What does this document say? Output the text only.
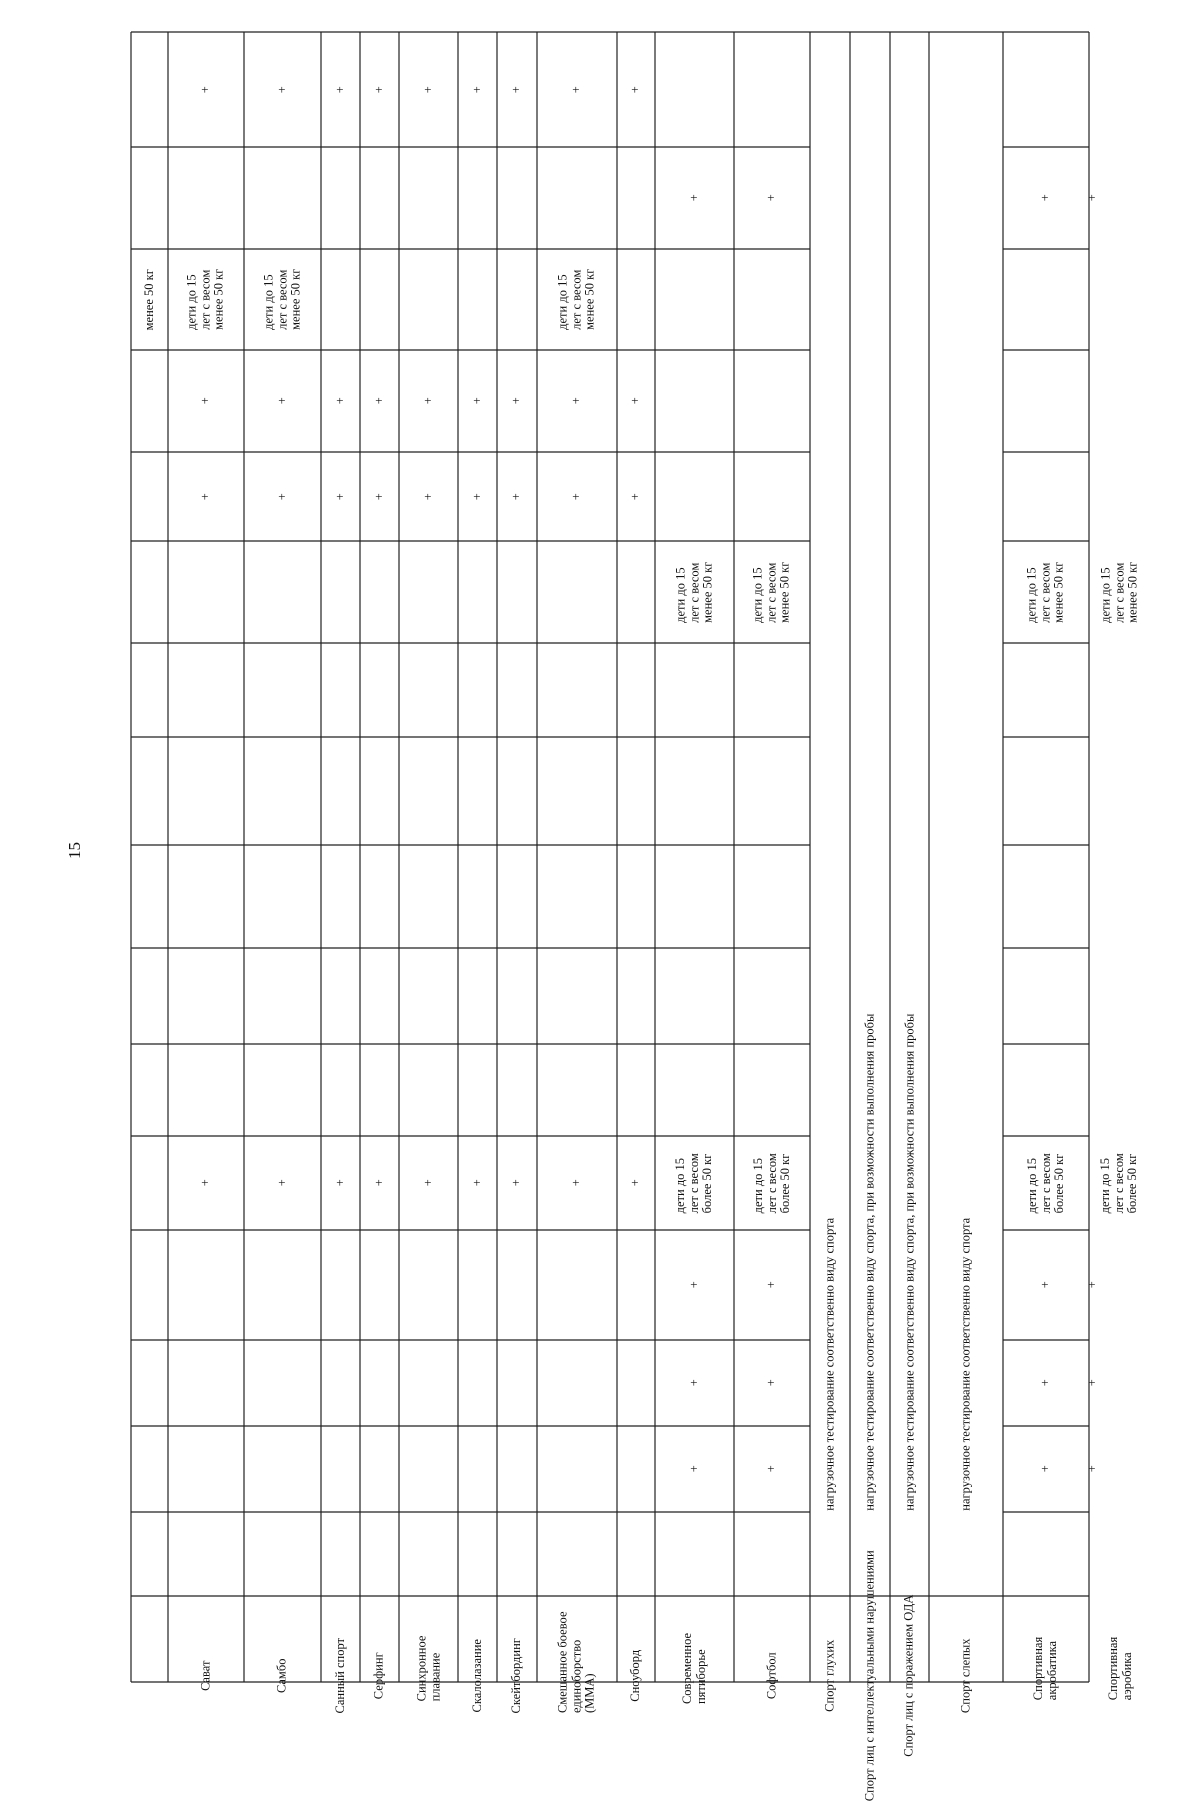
15
менее 50 кг
Сават
+
дети до 15
лет с весом
менее 50 кг
+
+
+
Самбо
+
дети до 15
лет с весом
менее 50 кг
+
+
+
Санный спорт
+
+
+
+
Серфинг
+
+
+
+
Синхронное
плавание
+
+
+
+
Скалолазание
+
+
+
+
Скейтбординг
+
+
+
+
Смешанное боевое
единоборство
(ММА)
+
дети до 15
лет с весом
менее 50 кг
+
+
+
Сноуборд
+
+
+
+
Современное
пятиборье
+
дети до 15
лет с весом
менее 50 кг
дети до 15
лет с весом
более 50 кг
+
+
+
Софтбол
+
дети до 15
лет с весом
менее 50 кг
дети до 15
лет с весом
более 50 кг
+
+
+
Спорт глухих
нагрузочное тестирование соответственно виду спорта
Спорт лиц с интеллектуальными нарушениями
нагрузочное тестирование соответственно виду спорта, при возможности выполнения пробы
Спорт лиц с поражением ОДА
нагрузочное тестирование соответственно виду спорта, при возможности выполнения пробы
Спорт слепых
нагрузочное тестирование соответственно виду спорта
Спортивная
акробатика
+
дети до 15
лет с весом
менее 50 кг
дети до 15
лет с весом
более 50 кг
+
+
+
Спортивная
аэробика
+
дети до 15
лет с весом
менее 50 кг
дети до 15
лет с весом
более 50 кг
+
+
+
